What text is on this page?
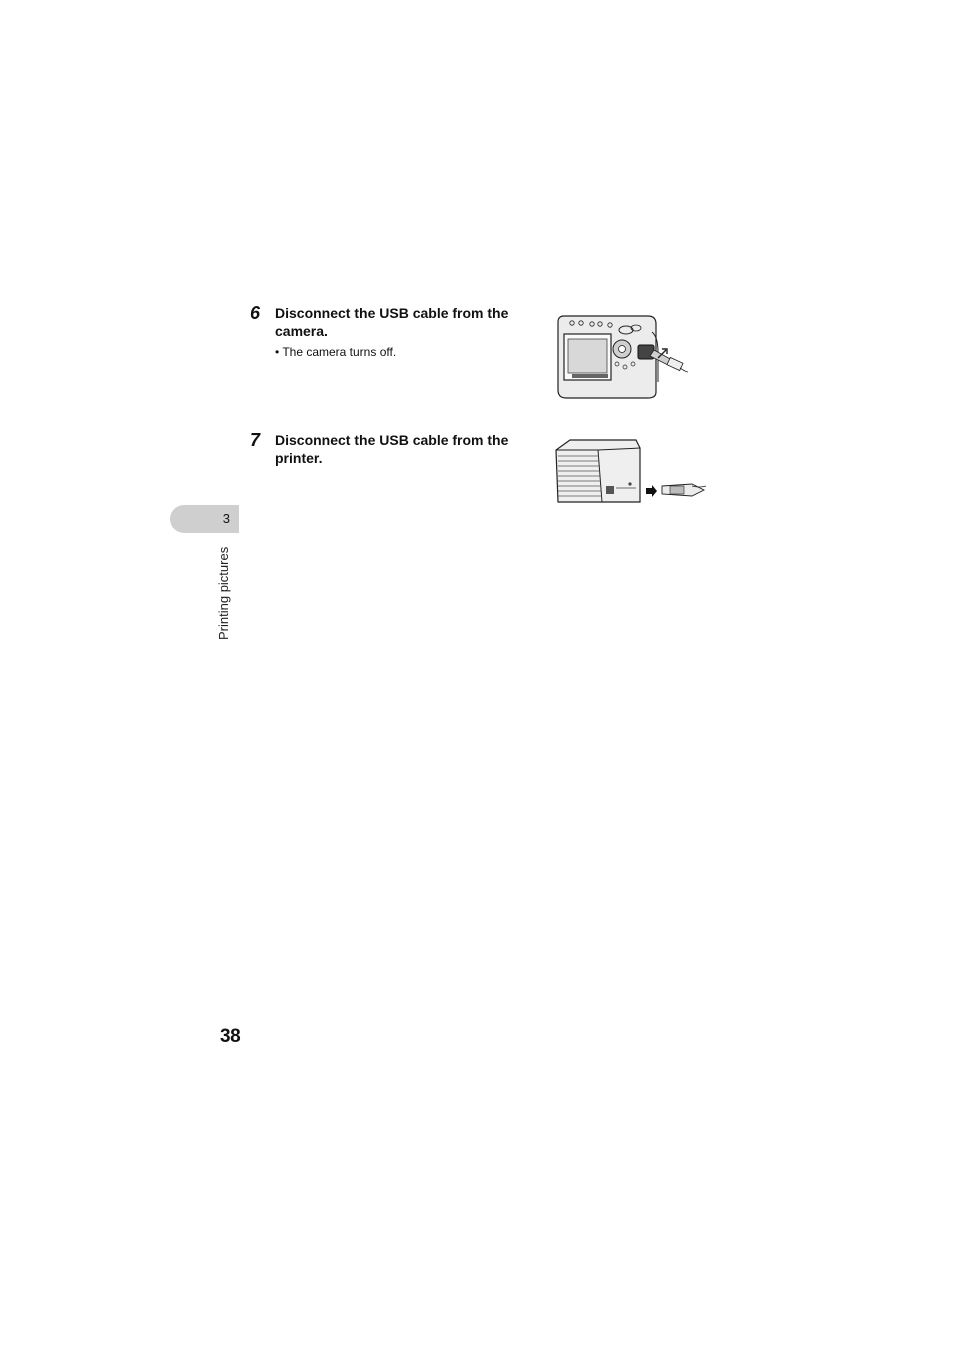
6 Disconnect the USB cable from the camera.
• The camera turns off.
7 Disconnect the USB cable from the printer.
3
Printing pictures
38
